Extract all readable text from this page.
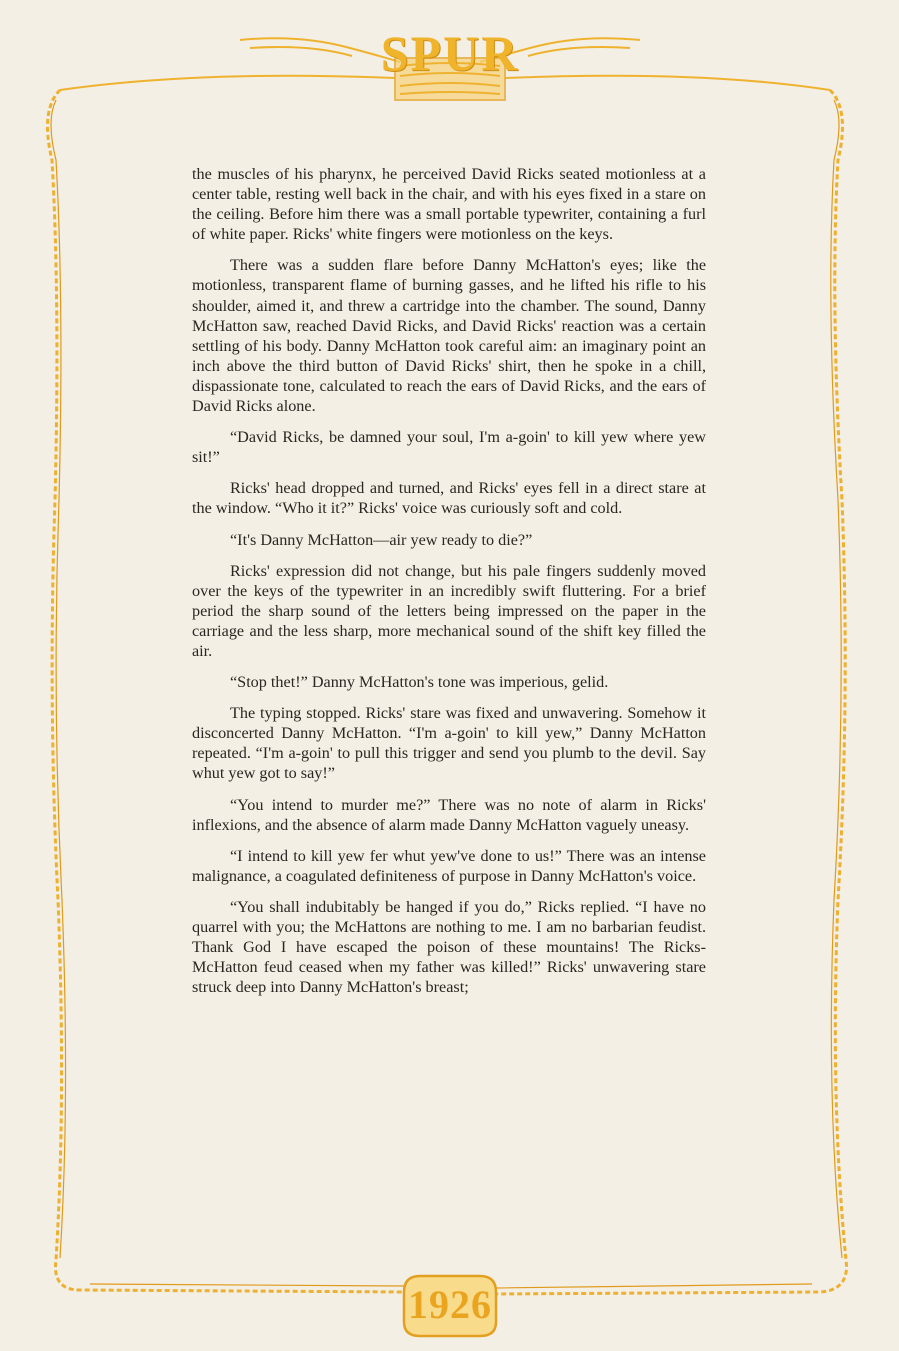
SPUR
1926

the muscles of his pharynx, he perceived David Ricks seated motionless at a center table, resting well back in the chair, and with his eyes fixed in a stare on the ceiling. Before him there was a small portable typewriter, containing a furl of white paper. Ricks' white fingers were motionless on the keys.

There was a sudden flare before Danny McHatton's eyes; like the motionless, transparent flame of burning gasses, and he lifted his rifle to his shoulder, aimed it, and threw a cartridge into the chamber. The sound, Danny McHatton saw, reached David Ricks, and David Ricks' reaction was a certain settling of his body. Danny McHatton took careful aim: an imaginary point an inch above the third button of David Ricks' shirt, then he spoke in a chill, dispassionate tone, calculated to reach the ears of David Ricks, and the ears of David Ricks alone.

“David Ricks, be damned your soul, I'm a-goin' to kill yew where yew sit!”

Ricks' head dropped and turned, and Ricks' eyes fell in a direct stare at the window. “Who it it?” Ricks' voice was curiously soft and cold.

“It's Danny McHatton—air yew ready to die?”

Ricks' expression did not change, but his pale fingers suddenly moved over the keys of the typewriter in an incredibly swift fluttering. For a brief period the sharp sound of the letters being impressed on the paper in the carriage and the less sharp, more mechanical sound of the shift key filled the air.

“Stop thet!” Danny McHatton's tone was imperious, gelid.

The typing stopped. Ricks' stare was fixed and unwavering. Somehow it disconcerted Danny McHatton. “I'm a-goin' to kill yew,” Danny McHatton repeated. “I'm a-goin' to pull this trigger and send you plumb to the devil. Say whut yew got to say!”

“You intend to murder me?” There was no note of alarm in Ricks' inflexions, and the absence of alarm made Danny McHatton vaguely uneasy.

“I intend to kill yew fer whut yew've done to us!” There was an intense malignance, a coagulated definiteness of purpose in Danny McHatton's voice.

“You shall indubitably be hanged if you do,” Ricks replied. “I have no quarrel with you; the McHattons are nothing to me. I am no barbarian feudist. Thank God I have escaped the poison of these mountains! The Ricks-McHatton feud ceased when my father was killed!” Ricks' unwavering stare struck deep into Danny McHatton's breast;
